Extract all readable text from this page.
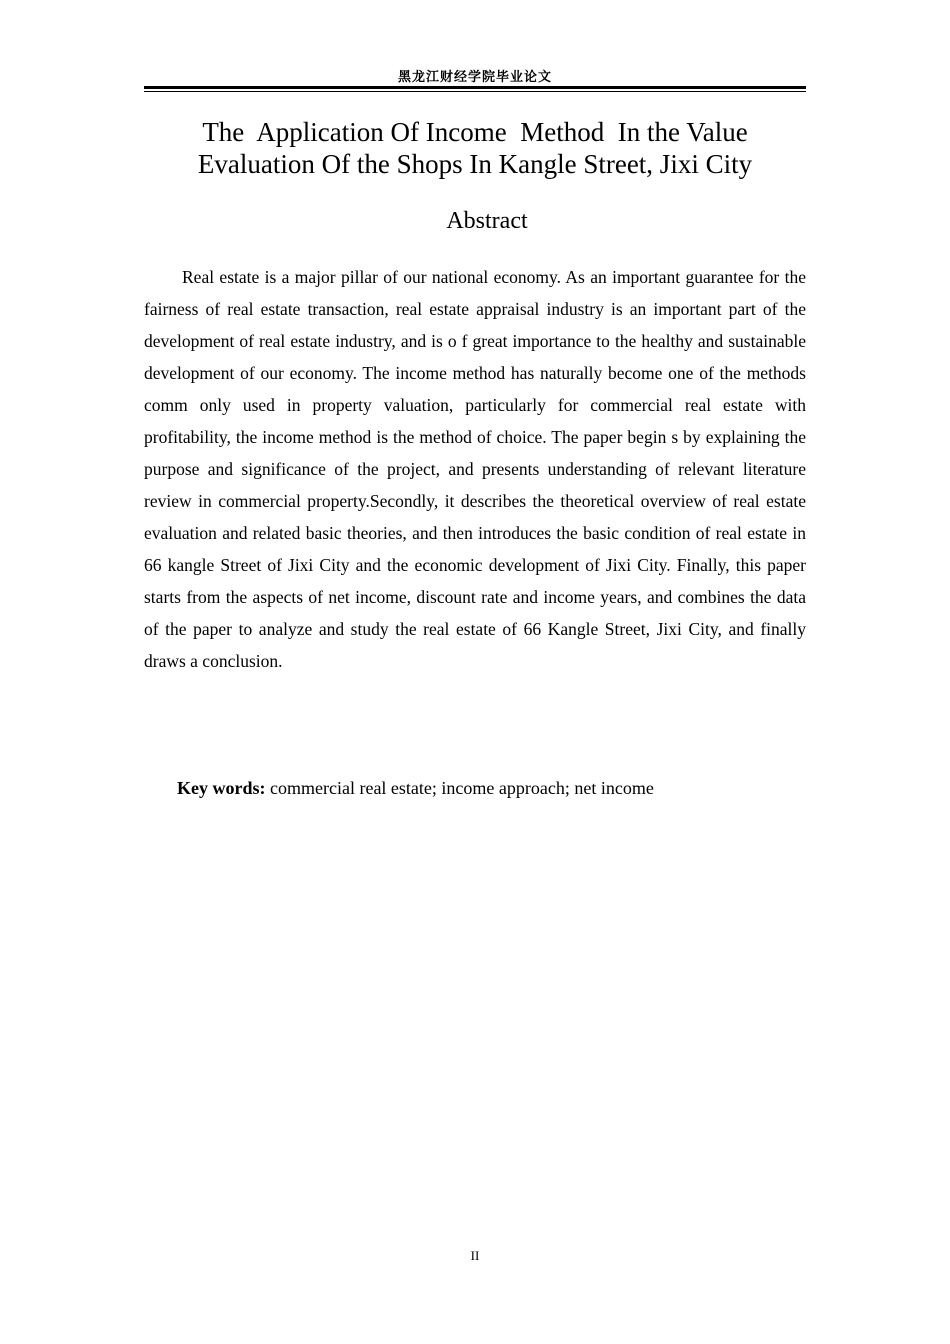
黑龙江财经学院毕业论文
The  Application Of Income  Method  In the Value
Evaluation Of the Shops In Kangle Street, Jixi City
Abstract

Real estate is a major pillar of our national economy. As an important guarantee for the fairness of real estate transaction, real estate appraisal industry is an important part of the development of real estate industry, and is o f great importance to the healthy and sustainable development of our economy. The income method has naturally become one of the methods comm only used in property valuation, particularly for commercial real estate with profitability, the income method is the method of choice. The paper begin s by explaining the purpose and significance of the project, and presents understanding of relevant literature review in commercial property.Secondly, it describes the theoretical overview of real estate evaluation and related basic theories, and then introduces the basic condition of real estate in 66 kangle Street of Jixi City and the economic development of Jixi City. Finally, this paper starts from the aspects of net income, discount rate and income years, and combines the data of the paper to analyze and study the real estate of 66 Kangle Street, Jixi City, and finally draws a conclusion.

Key words: commercial real estate; income approach; net income
II
